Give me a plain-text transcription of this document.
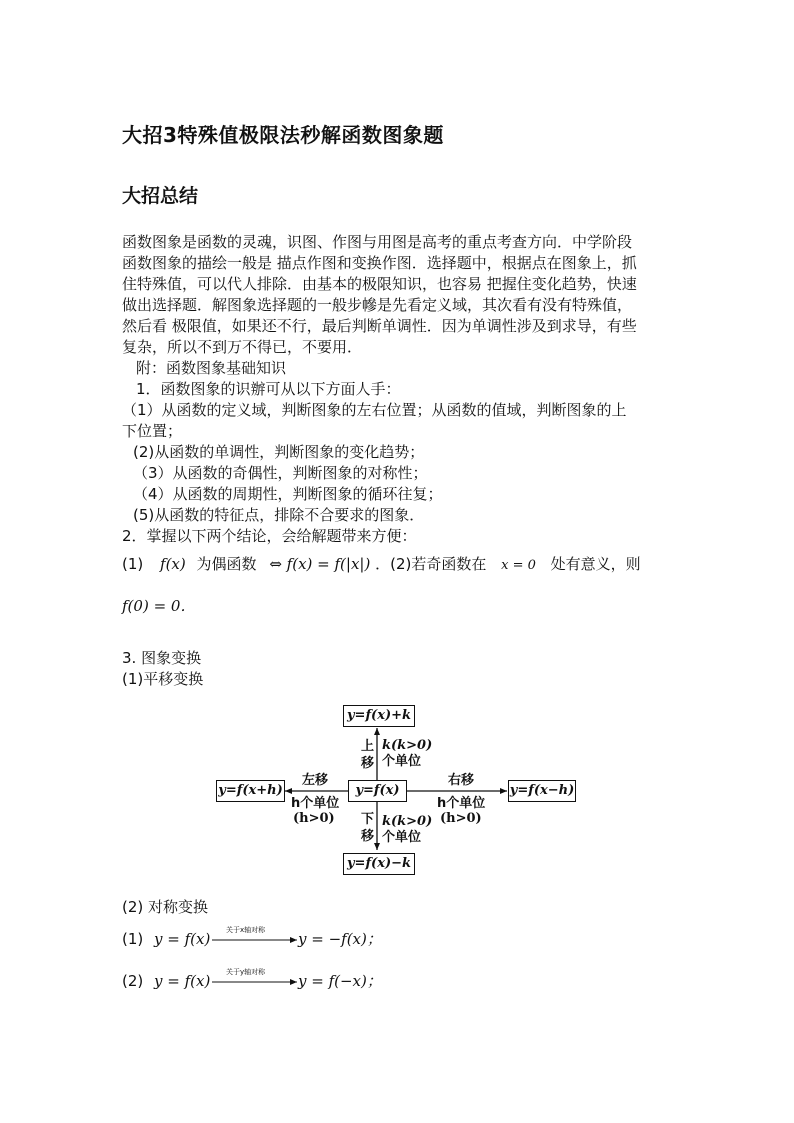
大招3特殊值极限法秒解函数图象题
大招总结
函数图象是函数的灵魂，识图、作图与用图是高考的重点考查方向．中学阶段
函数图象的描绘一般是 描点作图和变换作图．选择题中，根据点在图象上，抓
住特殊值，可以代人排除．由基本的极限知识，也容易 把握住变化趋势，快速
做出选择题．解图象选择题的一般步幓是先看定义域，其次看有没有特殊值，
然后看 极限值，如果还不行，最后判断单调性．因为单调性涉及到求导，有些
复杂，所以不到万不得已，不要用．
附：函数图象基础知识
1．函数图象的识辦可从以下方面人手：
（1）从函数的定义域，判断图象的左右位置；从函数的值域，判断图象的上
下位置；
(2)从函数的单调性，判断图象的变化趋势；
（3）从函数的奇偶性，判断图象的对称性；
（4）从函数的周期性，判断图象的循环往复；
(5)从函数的特征点，排除不合要求的图象．
2．掌握以下两个结论，会给解题带来方便：
(1) f(x) 为偶函数 ⇔ f(x) = f(|x|) ．(2)若奇函数在 x = 0 处有意义，则
f(0) = 0．
3. 图象变换
(1)平移变换
y=f(x)+k
y=f(x)
y=f(x+h)	y=f(x−h)
y=f(x)−k
上移
k(k>0)
个单位
下移
k(k>0)
个单位
左移
h个单位
(h>0)
右移
h个单位
(h>0)
(2) 对称变换
(1) y = f(x) 关于x轴对称 y = −f(x)；
(2) y = f(x) 关于y轴对称 y = f(−x)；
